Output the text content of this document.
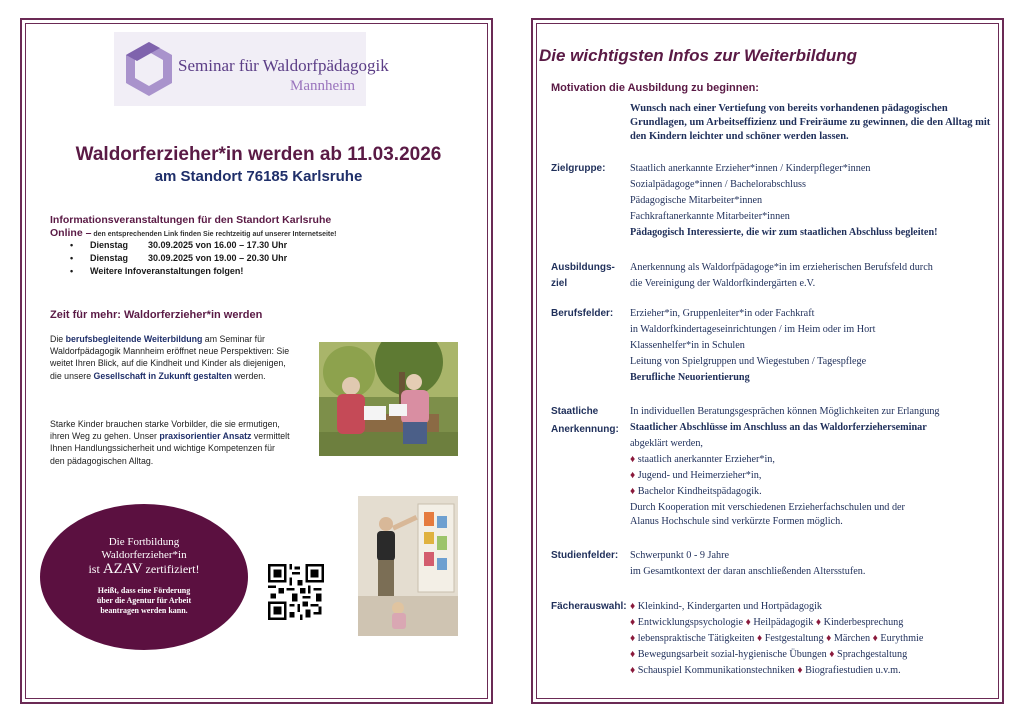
Seminar für Waldorfpädagogik
Mannheim
Waldorferzieher*in werden ab 11.03.2026
am Standort 76185 Karlsruhe
Informationsveranstaltungen für den Standort Karlsruhe
Online – den entsprechenden Link finden Sie rechtzeitig auf unserer Internetseite!
• Dienstag 30.09.2025 von 16.00 – 17.30 Uhr
• Dienstag 30.09.2025 von 19.00 – 20.30 Uhr
• Weitere Infoveranstaltungen folgen!
Zeit für mehr: Waldorferzieher*in werden
Die berufsbegleitende Weiterbildung am Seminar für Waldorfpädagogik Mannheim eröffnet neue Perspektiven: Sie weitet Ihren Blick, auf die Kindheit und Kinder als diejenigen, die unsere Gesellschaft in Zukunft gestalten werden.
Starke Kinder brauchen starke Vorbilder, die sie ermutigen, ihren Weg zu gehen. Unser praxisorientier Ansatz vermittelt Ihnen Handlungssicherheit und wichtige Kompetenzen für den pädagogischen Alltag.
Die Fortbildung
Waldorferzieher*in
ist AZAV zertifiziert!
Heißt, dass eine Förderung
über die Agentur für Arbeit
beantragen werden kann.
Die wichtigsten Infos zur Weiterbildung
Motivation die Ausbildung zu beginnen:
Wunsch nach einer Vertiefung von bereits vorhandenen pädagogischen Grundlagen, um Arbeitseffizienz und Freiräume zu gewinnen, die den Alltag mit den Kindern leichter und schöner werden lassen.
Zielgruppe: Staatlich anerkannte Erzieher*innen / Kinderpfleger*innen
Sozialpädagoge*innen / Bachelorabschluss
Pädagogische Mitarbeiter*innen
Fachkraftanerkannte Mitarbeiter*innen
Pädagogisch Interessierte, die wir zum staatlichen Abschluss begleiten!
Ausbildungs-
ziel
Anerkennung als Waldorfpädagoge*in im erzieherischen Berufsfeld durch
die Vereinigung der Waldorfkindergärten e.V.
Berufsfelder: Erzieher*in, Gruppenleiter*in oder Fachkraft
in Waldorfkindertageseinrichtungen / im Heim oder im Hort
Klassenhelfer*in in Schulen
Leitung von Spielgruppen und Wiegestuben / Tagespflege
Berufliche Neuorientierung
Staatliche
Anerkennung:
In individuellen Beratungsgesprächen können Möglichkeiten zur Erlangung
Staatlicher Abschlüsse im Anschluss an das Waldorferzieherseminar
abgeklärt werden,
♦ staatlich anerkannter Erzieher*in,
♦ Jugend- und Heimerzieher*in,
♦ Bachelor Kindheitspädagogik.
Durch Kooperation mit verschiedenen Erzieherfachschulen und der
Alanus Hochschule sind verkürzte Formen möglich.
Studienfelder: Schwerpunkt 0 - 9 Jahre
im Gesamtkontext der daran anschließenden Altersstufen.
Fächerauswahl: ♦ Kleinkind-, Kindergarten und Hortpädagogik
♦ Entwicklungspsychologie ♦ Heilpädagogik ♦ Kinderbesprechung
♦ lebenspraktische Tätigkeiten ♦ Festgestaltung ♦ Märchen ♦ Eurythmie
♦ Bewegungsarbeit sozial-hygienische Übungen ♦ Sprachgestaltung
♦ Schauspiel Kommunikationstechniken ♦ Biografiestudien u.v.m.
